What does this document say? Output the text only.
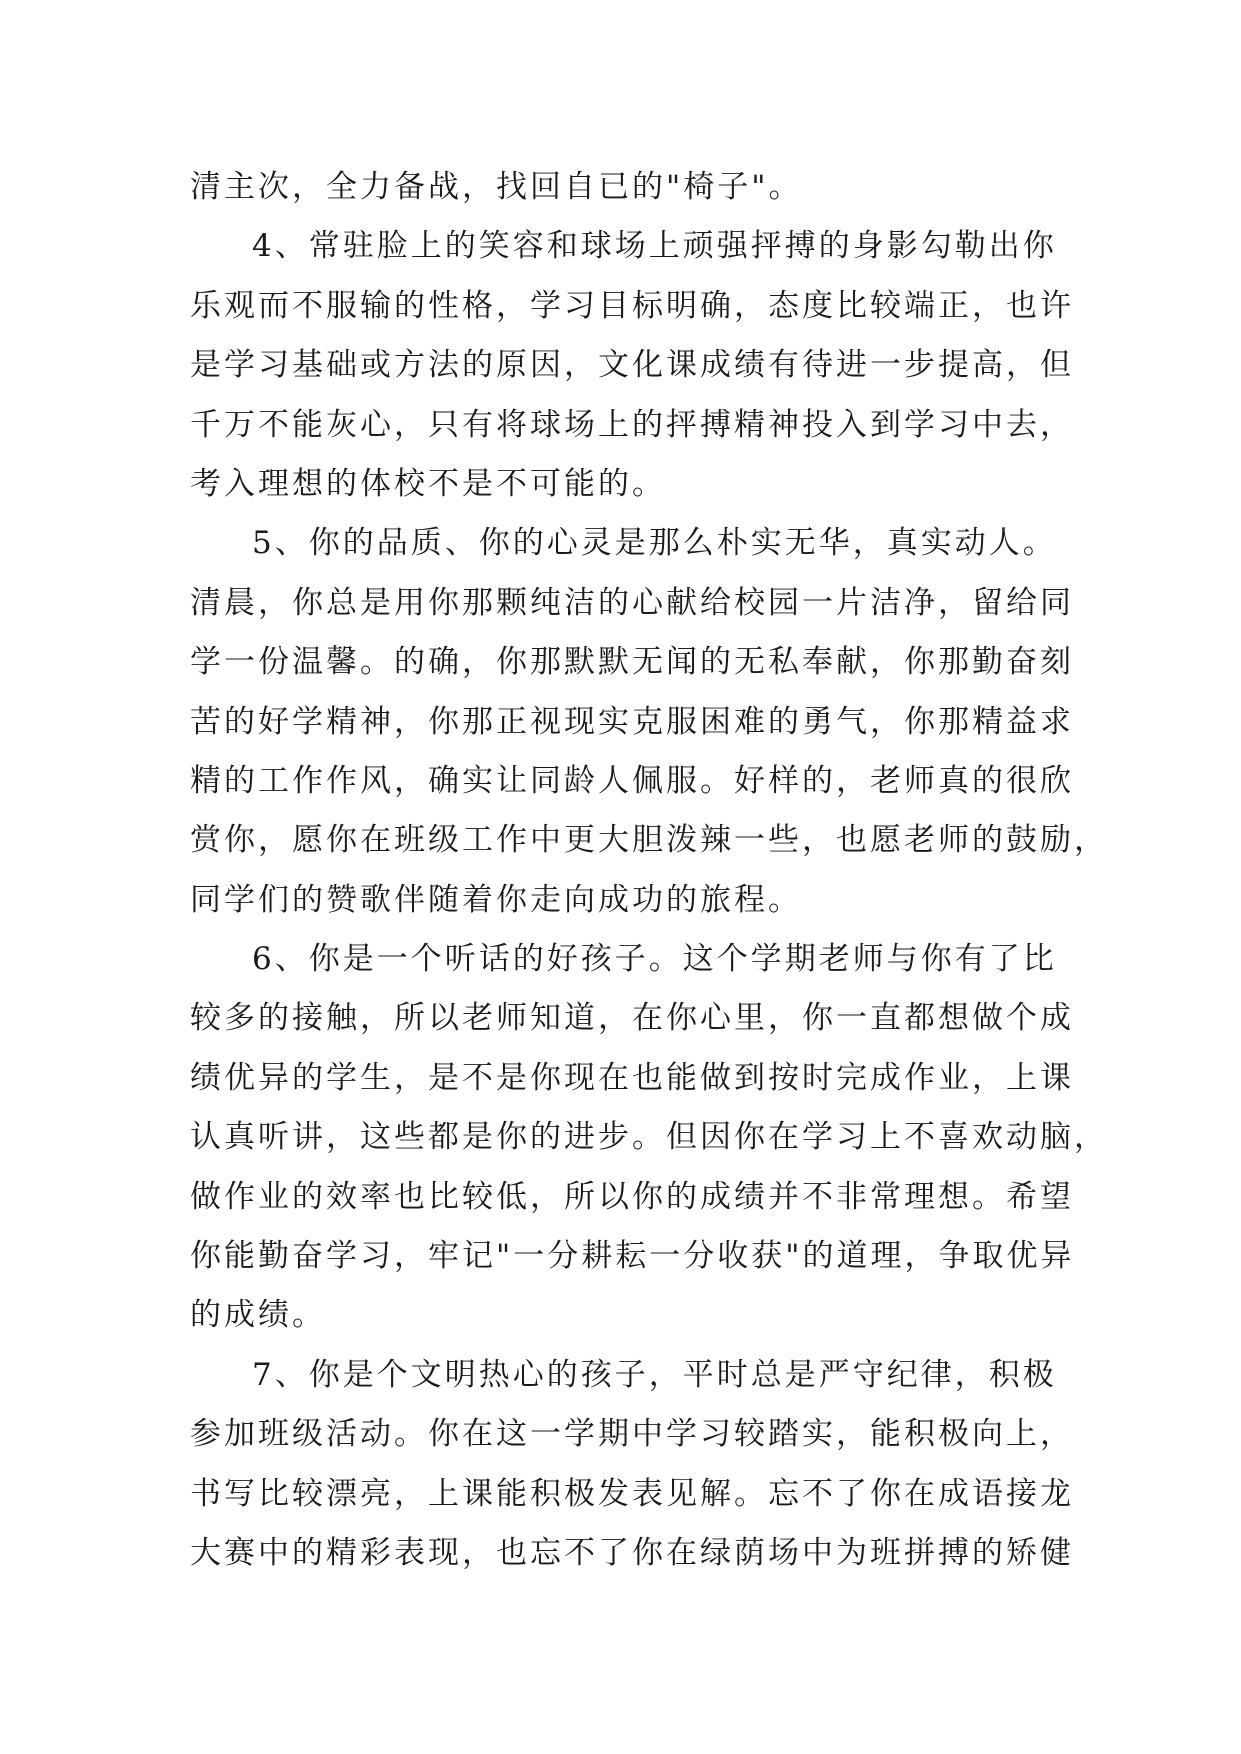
清主次，全力备战，找回自已的"椅子"。
4、常驻脸上的笑容和球场上顽强抨搏的身影勾勒出你
乐观而不服输的性格，学习目标明确，态度比较端正，也许
是学习基础或方法的原因，文化课成绩有待进一步提高，但
千万不能灰心，只有将球场上的抨搏精神投入到学习中去，
考入理想的体校不是不可能的。
5、你的品质、你的心灵是那么朴实无华，真实动人。
清晨，你总是用你那颗纯洁的心献给校园一片洁净，留给同
学一份温馨。的确，你那默默无闻的无私奉献，你那勤奋刻
苦的好学精神，你那正视现实克服困难的勇气，你那精益求
精的工作作风，确实让同龄人佩服。好样的，老师真的很欣
赏你，愿你在班级工作中更大胆泼辣一些，也愿老师的鼓励，
同学们的赞歌伴随着你走向成功的旅程。
6、你是一个听话的好孩子。这个学期老师与你有了比
较多的接触，所以老师知道，在你心里，你一直都想做个成
绩优异的学生，是不是你现在也能做到按时完成作业，上课
认真听讲，这些都是你的进步。但因你在学习上不喜欢动脑，
做作业的效率也比较低，所以你的成绩并不非常理想。希望
你能勤奋学习，牢记"一分耕耘一分收获"的道理，争取优异
的成绩。
7、你是个文明热心的孩子，平时总是严守纪律，积极
参加班级活动。你在这一学期中学习较踏实，能积极向上，
书写比较漂亮，上课能积极发表见解。忘不了你在成语接龙
大赛中的精彩表现，也忘不了你在绿荫场中为班拼搏的矫健
